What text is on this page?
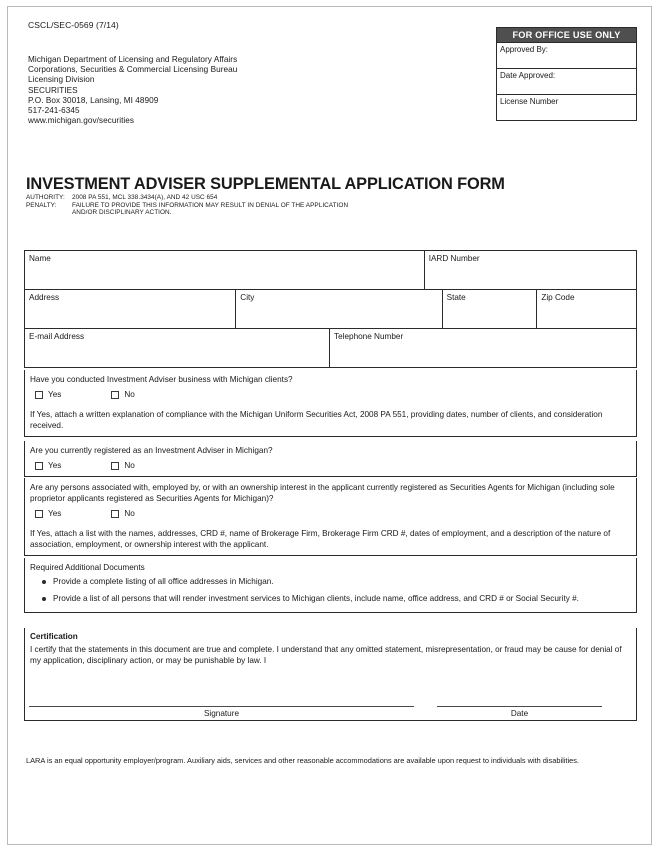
CSCL/SEC-0569 (7/14)
Michigan Department of Licensing and Regulatory Affairs
Corporations, Securities & Commercial Licensing Bureau
Licensing Division
SECURITIES
P.O. Box 30018, Lansing, MI 48909
517-241-6345
www.michigan.gov/securities
FOR OFFICE USE ONLY
Approved By:
Date Approved:
License Number
INVESTMENT ADVISER SUPPLEMENTAL APPLICATION FORM
AUTHORITY: 2008 PA 551, MCL 338.3434(A), AND 42 USC 654
PENALTY: FAILURE TO PROVIDE THIS INFORMATION MAY RESULT IN DENIAL OF THE APPLICATION
AND/OR DISCIPLINARY ACTION.
Name	IARD Number
Address	City	State	Zip Code
E-mail Address	Telephone Number
Have you conducted Investment Adviser business with Michigan clients?
Yes	No
If Yes, attach a written explanation of compliance with the Michigan Uniform Securities Act, 2008 PA 551, providing dates, number of clients, and consideration received.
Are you currently registered as an Investment Adviser in Michigan?
Yes	No
Are any persons associated with, employed by, or with an ownership interest in the applicant currently registered as Securities Agents for Michigan (including sole proprietor applicants registered as Securities Agents for Michigan)?
Yes	No
If Yes, attach a list with the names, addresses, CRD #, name of Brokerage Firm, Brokerage Firm CRD #, dates of employment, and a description of the nature of association, employment, or ownership interest with the applicant.
Required Additional Documents
Provide a complete listing of all office addresses in Michigan.
Provide a list of all persons that will render investment services to Michigan clients, include name, office address, and CRD # or Social Security #.
Certification
I certify that the statements in this document are true and complete. I understand that any omitted statement, misrepresentation, or fraud may be cause for denial of my application, disciplinary action, or may be punishable by law. I
Signature	Date
LARA is an equal opportunity employer/program. Auxiliary aids, services and other reasonable accommodations are available upon request to individuals with disabilities.
